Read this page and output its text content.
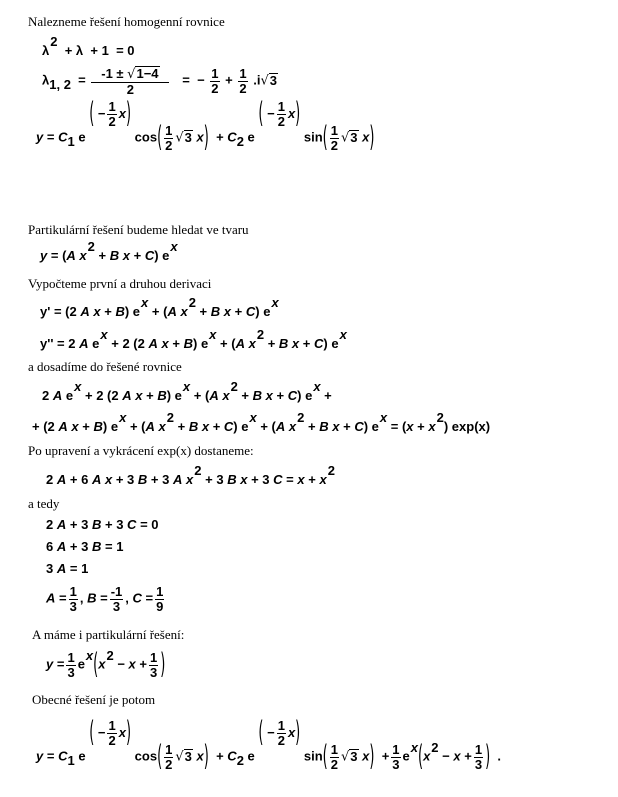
Nalezneme řešení homogenní rovnice
λ2  + λ + 1 = 0
λ1, $2 = \frac{-1 \pm √1-4}{2}$ = − $\frac{1}{2} + \frac{1}{2} .i√3$
y = C1 e ( − $\frac{1}{2} x$) $\cos( \frac{1}{2} √3$ x) + C2 e ( − $\frac{1}{2} x$) $\sin( \frac{1}{2} √3$ x)
Partikulární řešení budeme hledat ve tvaru
y = (A x2 + B x + C) ex
Vypočteme první a druhou derivaci
y' = (2 A x + B) ex + (A x2 + B x + C) ex
y'' = 2 A ex + 2 (2 A x + B) ex + (A x2 + B x + C) ex
a dosadíme do řešené rovnice
2 A ex + 2 (2 A x + B) ex + (A x2 + B x + C) ex +
+ (2 A x + B) ex + (A x2 + B x + C) ex + (A x2 + B x + C) ex = (x + x2) exp(x)
Po upravení a vykrácení exp(x) dostaneme:
2 A + 6 A x + 3 B + 3 A x2 + 3 B x + 3 C = x + x2
a tedy
2 A + 3 B + 3 C = 0
6 A + 3 B = 1
3 A = 1
$A = \frac{1}{3}$ , $B = \frac{-1}{3}$ , $C = \frac{1}{9}$
A máme i partikulární řešení:
$y = \frac{1}{3} ex(x2 - x + \frac{1}{3}$ )
Obecné řešení je potom
y = C1 e ( − $\frac{1}{2} x$) $\cos( \frac{1}{2} √3$ x) + C2 e ( − $\frac{1}{2} x$) $\sin( \frac{1}{2} √3$ $x) + \frac{1}{3} ex(x2 - x + \frac{1}{3}$ ) .
